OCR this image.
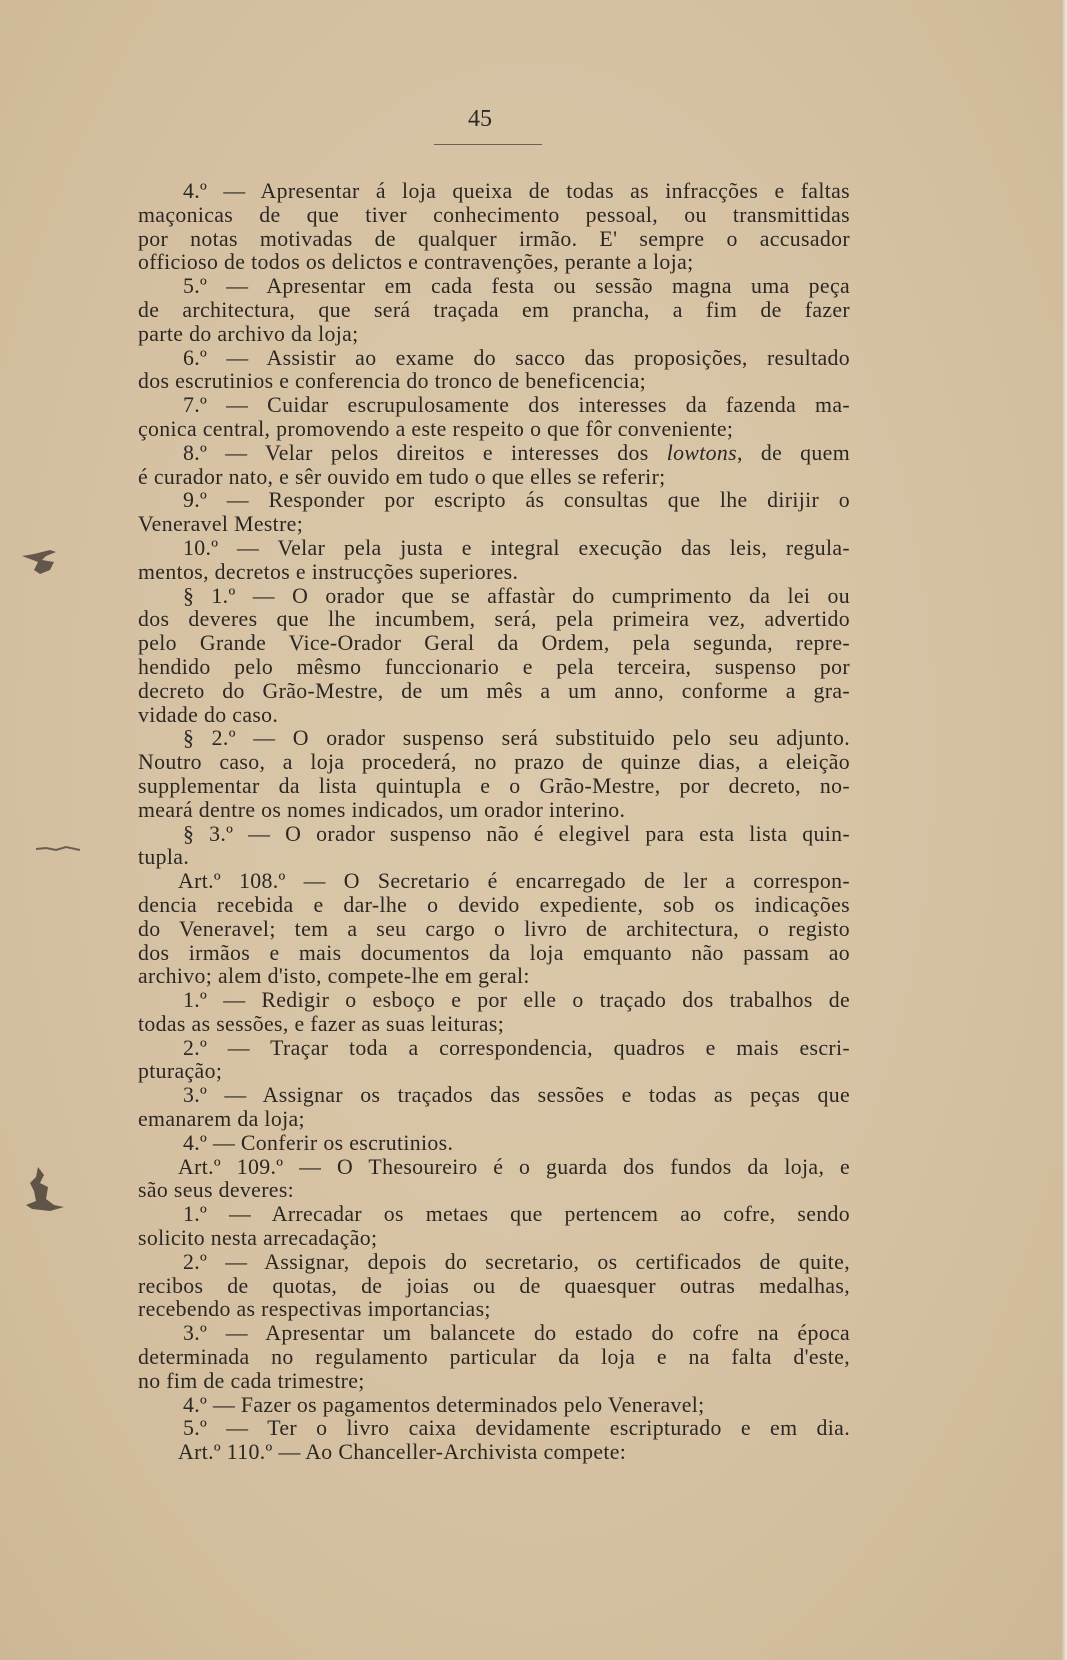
45
4.º — Apresentar á loja queixa de todas as infracções e faltas
maçonicas de que tiver conhecimento pessoal, ou transmittidas
por notas motivadas de qualquer irmão. E' sempre o accusador
officioso de todos os delictos e contravenções, perante a loja;
5.º — Apresentar em cada festa ou sessão magna uma peça
de architectura, que será traçada em prancha, a fim de fazer
parte do archivo da loja;
6.º — Assistir ao exame do sacco das proposições, resultado
dos escrutinios e conferencia do tronco de beneficencia;
7.º — Cuidar escrupulosamente dos interesses da fazenda ma-
çonica central, promovendo a este respeito o que fôr conveniente;
8.º — Velar pelos direitos e interesses dos lowtons, de quem
é curador nato, e sêr ouvido em tudo o que elles se referir;
9.º — Responder por escripto ás consultas que lhe dirijir o
Veneravel Mestre;
10.º — Velar pela justa e integral execução das leis, regula-
mentos, decretos e instrucções superiores.
§ 1.º — O orador que se affastàr do cumprimento da lei ou
dos deveres que lhe incumbem, será, pela primeira vez, advertido
pelo Grande Vice-Orador Geral da Ordem, pela segunda, repre-
hendido pelo mêsmo funccionario e pela terceira, suspenso por
decreto do Grão-Mestre, de um mês a um anno, conforme a gra-
vidade do caso.
§ 2.º — O orador suspenso será substituido pelo seu adjunto.
Noutro caso, a loja procederá, no prazo de quinze dias, a eleição
supplementar da lista quintupla e o Grão-Mestre, por decreto, no-
meará dentre os nomes indicados, um orador interino.
§ 3.º — O orador suspenso não é elegivel para esta lista quin-
tupla.
Art.º 108.º — O Secretario é encarregado de ler a correspon-
dencia recebida e dar-lhe o devido expediente, sob os indicações
do Veneravel; tem a seu cargo o livro de architectura, o registo
dos irmãos e mais documentos da loja emquanto não passam ao
archivo; alem d'isto, compete-lhe em geral:
1.º — Redigir o esboço e por elle o traçado dos trabalhos de
todas as sessões, e fazer as suas leituras;
2.º — Traçar toda a correspondencia, quadros e mais escri-
pturação;
3.º — Assignar os traçados das sessões e todas as peças que
emanarem da loja;
4.º — Conferir os escrutinios.
Art.º 109.º — O Thesoureiro é o guarda dos fundos da loja, e
são seus deveres:
1.º — Arrecadar os metaes que pertencem ao cofre, sendo
solicito nesta arrecadação;
2.º — Assignar, depois do secretario, os certificados de quite,
recibos de quotas, de joias ou de quaesquer outras medalhas,
recebendo as respectivas importancias;
3.º — Apresentar um balancete do estado do cofre na época
determinada no regulamento particular da loja e na falta d'este,
no fim de cada trimestre;
4.º — Fazer os pagamentos determinados pelo Veneravel;
5.º — Ter o livro caixa devidamente escripturado e em dia.
Art.º 110.º — Ao Chanceller-Archivista compete:
